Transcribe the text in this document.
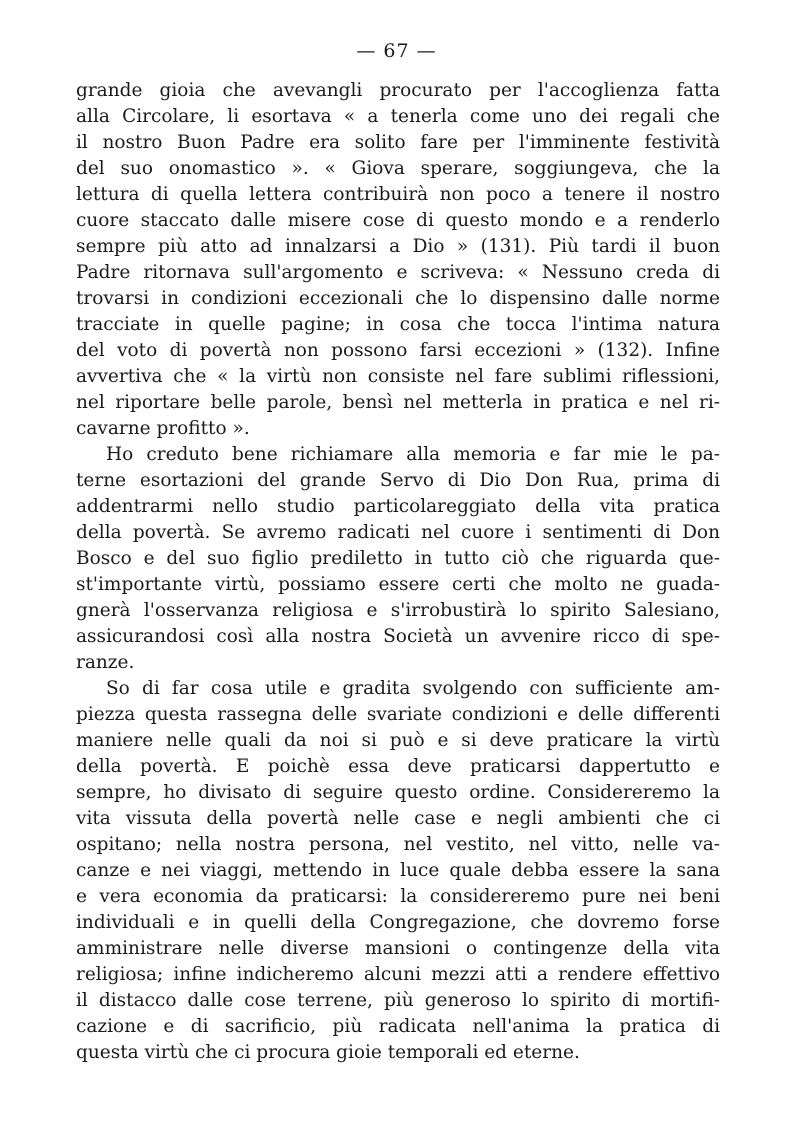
— 67 —
grande gioia che avevangli procurato per l'accoglienza fatta
alla Circolare, li esortava « a tenerla come uno dei regali che
il nostro Buon Padre era solito fare per l'imminente festività
del suo onomastico ». « Giova sperare, soggiungeva, che la
lettura di quella lettera contribuirà non poco a tenere il nostro
cuore staccato dalle misere cose di questo mondo e a renderlo
sempre più atto ad innalzarsi a Dio » (131). Più tardi il buon
Padre ritornava sull'argomento e scriveva: « Nessuno creda di
trovarsi in condizioni eccezionali che lo dispensino dalle norme
tracciate in quelle pagine; in cosa che tocca l'intima natura
del voto di povertà non possono farsi eccezioni » (132). Infine
avvertiva che « la virtù non consiste nel fare sublimi riflessioni,
nel riportare belle parole, bensì nel metterla in pratica e nel ri-
cavarne profitto ».
Ho creduto bene richiamare alla memoria e far mie le pa-
terne esortazioni del grande Servo di Dio Don Rua, prima di
addentrarmi nello studio particolareggiato della vita pratica
della povertà. Se avremo radicati nel cuore i sentimenti di Don
Bosco e del suo figlio prediletto in tutto ciò che riguarda que-
st'importante virtù, possiamo essere certi che molto ne guada-
gnerà l'osservanza religiosa e s'irrobustirà lo spirito Salesiano,
assicurandosi così alla nostra Società un avvenire ricco di spe-
ranze.
So di far cosa utile e gradita svolgendo con sufficiente am-
piezza questa rassegna delle svariate condizioni e delle differenti
maniere nelle quali da noi si può e si deve praticare la virtù
della povertà. E poichè essa deve praticarsi dappertutto e
sempre, ho divisato di seguire questo ordine. Considereremo la
vita vissuta della povertà nelle case e negli ambienti che ci
ospitano; nella nostra persona, nel vestito, nel vitto, nelle va-
canze e nei viaggi, mettendo in luce quale debba essere la sana
e vera economia da praticarsi: la considereremo pure nei beni
individuali e in quelli della Congregazione, che dovremo forse
amministrare nelle diverse mansioni o contingenze della vita
religiosa; infine indicheremo alcuni mezzi atti a rendere effettivo
il distacco dalle cose terrene, più generoso lo spirito di mortifi-
cazione e di sacrificio, più radicata nell'anima la pratica di
questa virtù che ci procura gioie temporali ed eterne.
